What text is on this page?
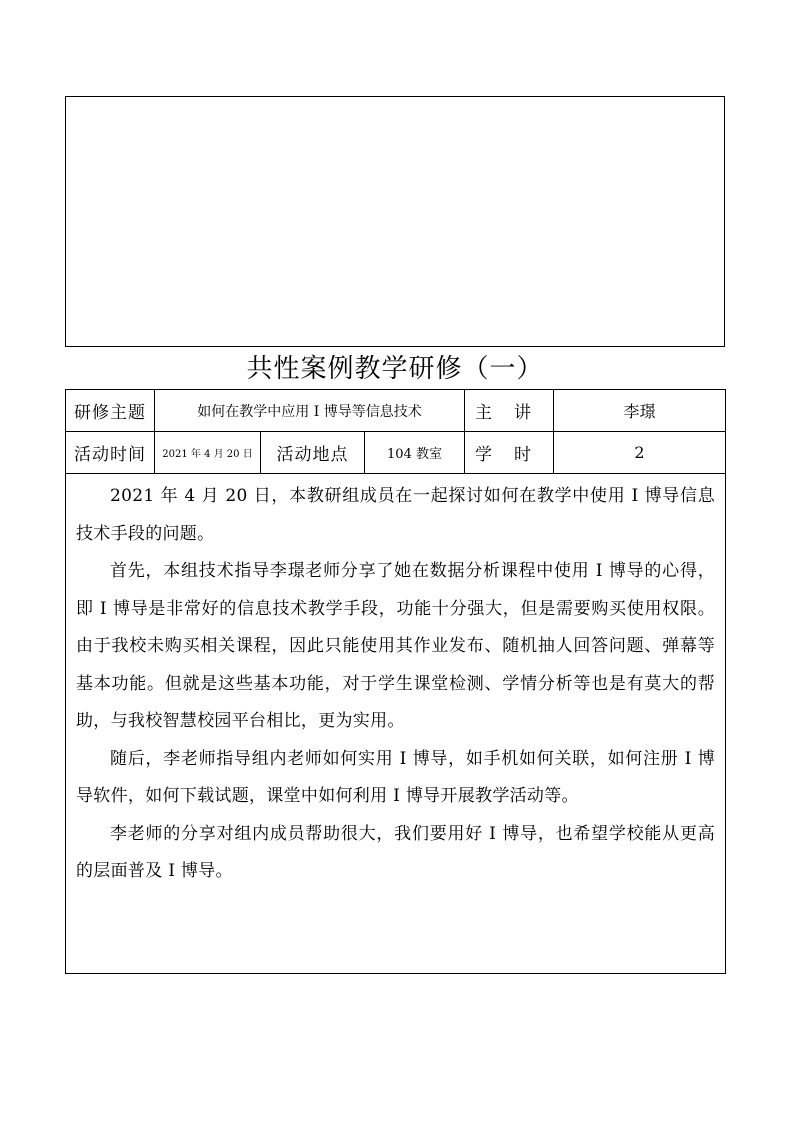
共性案例教学研修（一）
研修主题	如何在教学中应用 I 博导等信息技术			主 讲	李璟
活动时间	2021 年 4 月 20 日	活动地点	104 教室	学 时	2

2021 年 4 月 20 日，本教研组成员在一起探讨如何在教学中使用 I 博导信息技术手段的问题。

首先，本组技术指导李璟老师分享了她在数据分析课程中使用 I 博导的心得，即 I 博导是非常好的信息技术教学手段，功能十分强大，但是需要购买使用权限。由于我校未购买相关课程，因此只能使用其作业发布、随机抽人回答问题、弹幕等基本功能。但就是这些基本功能，对于学生课堂检测、学情分析等也是有莫大的帮助，与我校智慧校园平台相比，更为实用。

随后，李老师指导组内老师如何实用 I 博导，如手机如何关联，如何注册 I 博导软件，如何下载试题，课堂中如何利用 I 博导开展教学活动等。

李老师的分享对组内成员帮助很大，我们要用好 I 博导，也希望学校能从更高的层面普及 I 博导。					
